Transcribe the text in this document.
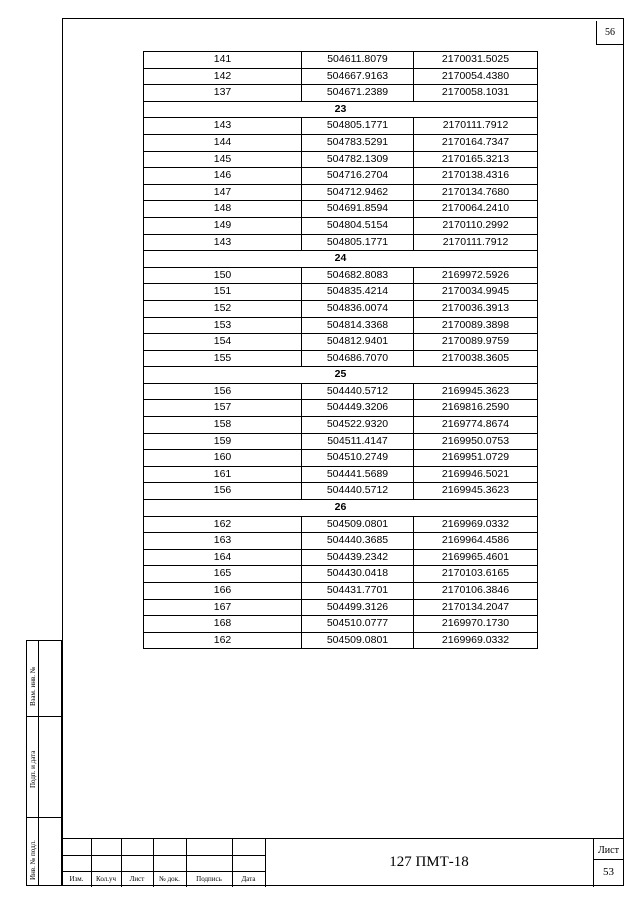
56
141	504611.8079	2170031.5025
142	504667.9163	2170054.4380
137	504671.2389	2170058.1031
23		
143	504805.1771	2170111.7912
144	504783.5291	2170164.7347
145	504782.1309	2170165.3213
146	504716.2704	2170138.4316
147	504712.9462	2170134.7680
148	504691.8594	2170064.2410
149	504804.5154	2170110.2992
143	504805.1771	2170111.7912
24		
150	504682.8083	2169972.5926
151	504835.4214	2170034.9945
152	504836.0074	2170036.3913
153	504814.3368	2170089.3898
154	504812.9401	2170089.9759
155	504686.7070	2170038.3605
25		
156	504440.5712	2169945.3623
157	504449.3206	2169816.2590
158	504522.9320	2169774.8674
159	504511.4147	2169950.0753
160	504510.2749	2169951.0729
161	504441.5689	2169946.5021
156	504440.5712	2169945.3623
26		
162	504509.0801	2169969.0332
163	504440.3685	2169964.4586
164	504439.2342	2169965.4601
165	504430.0418	2170103.6165
166	504431.7701	2170106.3846
167	504499.3126	2170134.2047
168	504510.0777	2169970.1730
162	504509.0801	2169969.0332
Взам. инв. №
Подп. и дата
Инв. № подл.	Изм.	Кол.уч	Лист	№ док.	Подпись	Дата
127 ПМТ-18
Лист
53
